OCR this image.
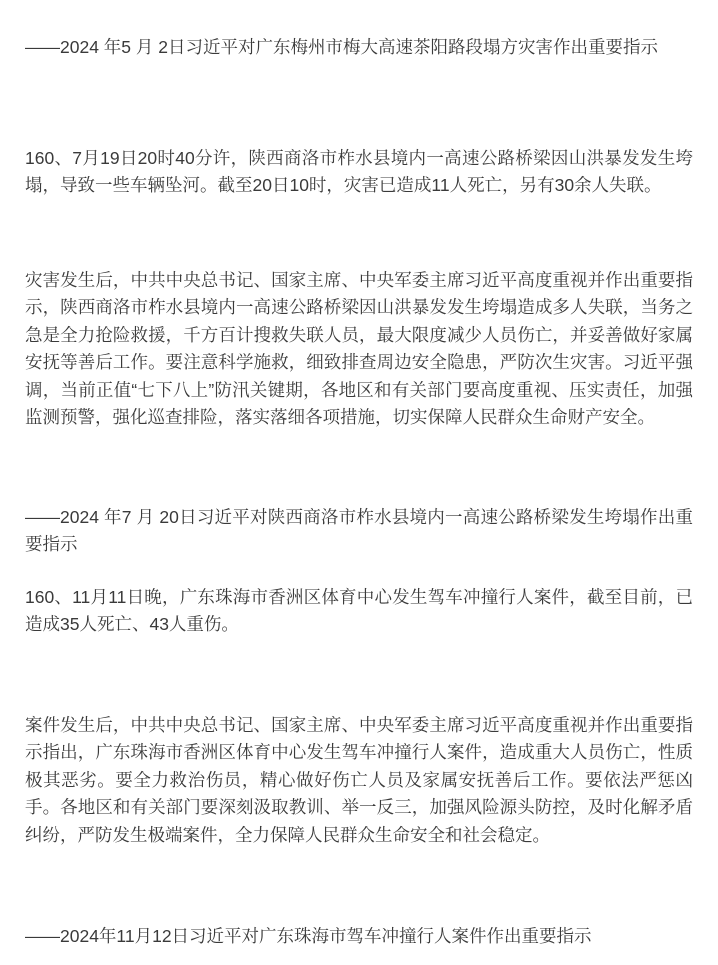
——2024 年5 月 2日习近平对广东梅州市梅大高速茶阳路段塌方灾害作出重要指示

160、7月19日20时40分许，陕西商洛市柞水县境内一高速公路桥梁因山洪暴发发生垮塌，导致一些车辆坠河。截至20日10时，灾害已造成11人死亡，另有30余人失联。

灾害发生后，中共中央总书记、国家主席、中央军委主席习近平高度重视并作出重要指示，陕西商洛市柞水县境内一高速公路桥梁因山洪暴发发生垮塌造成多人失联，当务之急是全力抢险救援，千方百计搜救失联人员，最大限度减少人员伤亡，并妥善做好家属安抚等善后工作。要注意科学施救，细致排查周边安全隐患，严防次生灾害。习近平强调，当前正值“七下八上”防汛关键期，各地区和有关部门要高度重视、压实责任，加强监测预警，强化巡查排险，落实落细各项措施，切实保障人民群众生命财产安全。

——2024 年7 月 20日习近平对陕西商洛市柞水县境内一高速公路桥梁发生垮塌作出重要指示

160、11月11日晚，广东珠海市香洲区体育中心发生驾车冲撞行人案件，截至目前，已造成35人死亡、43人重伤。

案件发生后，中共中央总书记、国家主席、中央军委主席习近平高度重视并作出重要指示指出，广东珠海市香洲区体育中心发生驾车冲撞行人案件，造成重大人员伤亡，性质极其恶劣。要全力救治伤员，精心做好伤亡人员及家属安抚善后工作。要依法严惩凶手。各地区和有关部门要深刻汲取教训、举一反三，加强风险源头防控，及时化解矛盾纠纷，严防发生极端案件，全力保障人民群众生命安全和社会稳定。

——2024年11月12日习近平对广东珠海市驾车冲撞行人案件作出重要指示
